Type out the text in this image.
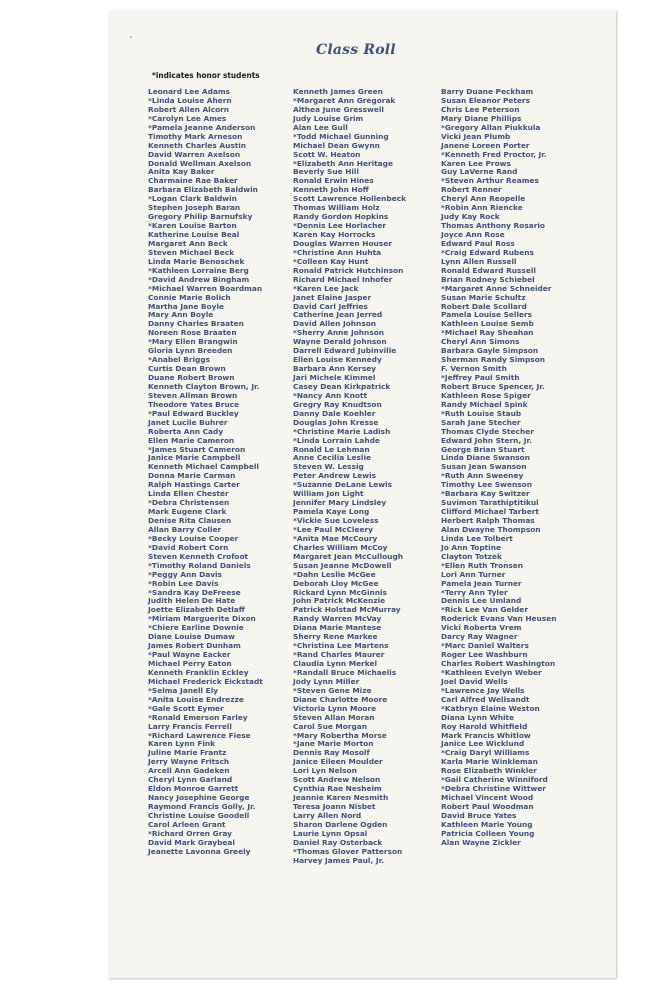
Class Roll
*indicates honor students
Leonard Lee Adams
*Linda Louise Ahern
Robert Allen Alcorn
*Carolyn Lee Ames
*Pamela Jeanne Anderson
Timothy Mark Arneson
Kenneth Charles Austin
David Warren Axelson
Donald Wellman Axelson
Anita Kay Baker
Charmaine Rae Baker
Barbara Elizabeth Baldwin
*Logan Clark Baldwin
Stephen Joseph Baran
Gregory Philip Barnufsky
*Karen Louise Barton
Katherine Louise Beal
Margaret Ann Beck
Steven Michael Beck
Linda Marie Benoschek
*Kathleen Lorraine Berg
*David Andrew Bingham
*Michael Warren Boardman
Connie Marie Bolich
Martha Jane Boyle
Mary Ann Boyle
Danny Charles Braaten
Noreen Rose Braaten
*Mary Ellen Brangwin
Gloria Lynn Breeden
*Anabel Briggs
Curtis Dean Brown
Duane Robert Brown
Kenneth Clayton Brown, Jr.
Steven Allman Brown
Theodore Yates Bruce
*Paul Edward Buckley
Janet Lucile Buhrer
Roberta Ann Cady
Ellen Marie Cameron
*James Stuart Cameron
Janice Marie Campbell
Kenneth Michael Campbell
Donna Marie Carman
Ralph Hastings Carter
Linda Ellen Chester
*Debra Christensen
Mark Eugene Clark
Denise Rita Clausen
Allan Barry Coller
*Becky Louise Cooper
*David Robert Corn
Steven Kenneth Crofoot
*Timothy Roland Daniels
*Peggy Ann Davis
*Robin Lee Davis
*Sandra Kay DeFreese
Judith Helen De Hate
Joette Elizabeth Detlaff
*Miriam Marguerite Dixon
*Chiere Earline Downie
Diane Louise Dumaw
James Robert Dunham
*Paul Wayne Eacker
Michael Perry Eaton
Kenneth Franklin Eckley
Michael Frederick Eickstadt
*Selma Janell Ely
*Anita Louise Endrezze
*Gale Scott Eymer
*Ronald Emerson Farley
Larry Francis Ferrell
*Richard Lawrence Fiese
Karen Lynn Fink
Juline Marie Frantz
Jerry Wayne Fritsch
Arcell Ann Gadeken
Cheryl Lynn Garland
Eldon Monroe Garrett
Nancy Josephine George
Raymond Francis Golly, Jr.
Christine Louise Goodell
Carol Arleen Grant
*Richard Orren Gray
David Mark Graybeal
Jeanette Lavonna Greely
Kenneth James Green
*Margaret Ann Gregorak
Althea June Gresswell
Judy Louise Grim
Alan Lee Gull
*Todd Michael Gunning
Michael Dean Gwynn
Scott W. Heaton
*Elizabeth Ann Heritage
Beverly Sue Hill
Ronald Erwin Hines
Kenneth John Hoff
Scott Lawrence Hollenbeck
Thomas William Holz
Randy Gordon Hopkins
*Dennis Lee Horlacher
Karen Kay Horrocks
Douglas Warren Houser
*Christine Ann Huhta
*Colleen Kay Hunt
Ronald Patrick Hutchinson
Richard Michael Inhofer
*Karen Lee Jack
Janet Elaine Jasper
David Carl Jeffries
Catherine Jean Jerred
David Allen Johnson
*Sherry Anne Johnson
Wayne Derald Johnson
Darrell Edward Jubinville
Ellen Louise Kennedy
Barbara Ann Kersey
Jari Michele Kimmel
Casey Dean Kirkpatrick
*Nancy Ann Knott
Gregry Ray Knudtson
Danny Dale Koehler
Douglas John Kresse
*Christine Marie Ladish
*Linda Lorrain Lahde
Ronald Le Lehman
Anne Cecilia Leslie
Steven W. Lessig
Peter Andrew Lewis
*Suzanne DeLane Lewis
William Jon Light
Jennifer Mary Lindsley
Pamela Kaye Long
*Vickie Sue Loveless
*Lee Paul McCleery
*Anita Mae McCoury
Charles William McCoy
Margaret Jean McCullough
Susan Jeanne McDowell
*Dahn Leslie McGee
Deborah Lloy McGee
Rickard Lynn McGinnis
John Patrick McKenzie
Patrick Holstad McMurray
Randy Warren McVay
Diana Marie Mantese
Sherry Rene Markee
*Christina Lee Martens
*Rand Charles Maurer
Claudia Lynn Merkel
*Randall Bruce Michaelis
Jody Lynn Miller
*Steven Gene Mize
Diane Charlotte Moore
Victoria Lynn Moore
Steven Allan Moran
Carol Sue Morgan
*Mary Robertha Morse
*Jane Marie Morton
Dennis Ray Mosolf
Janice Eileen Moulder
Lori Lyn Nelson
Scott Andrew Nelson
Cynthia Rae Nesheim
Jeannie Karen Nesmith
Teresa Joann Nisbet
Larry Allen Nord
Sharon Darlene Ogden
Laurie Lynn Opsal
Daniel Ray Osterback
*Thomas Glover Patterson
Harvey James Paul, Jr.
Barry Duane Peckham
Susan Eleanor Peters
Chris Lee Peterson
Mary Diane Phillips
*Gregory Allan Piukkula
Vicki Jean Plumb
Janene Loreen Porter
*Kenneth Fred Proctor, Jr.
Karen Lee Prows
Guy LaVerne Rand
*Steven Arthur Reames
Robert Renner
Cheryl Ann Reopelle
*Robin Ann Riencke
Judy Kay Rock
Thomas Anthony Rosario
Joyce Ann Rose
Edward Paul Ross
*Craig Edward Rubens
Lynn Allen Russell
Ronald Edward Russell
Brian Rodney Schiebel
*Margaret Anne Schneider
Susan Marie Schultz
Robert Dale Scollard
Pamela Louise Sellers
Kathleen Louise Semb
*Michael Ray Sheahan
Cheryl Ann Simons
Barbara Gayle Simpson
Sherman Randy Simpson
F. Vernon Smith
*Jeffrey Paul Smith
Robert Bruce Spencer, Jr.
Kathleen Rose Spiger
Randy Michael Spink
*Ruth Louise Staub
Sarah Jane Stecher
Thomas Clyde Stecher
Edward John Stern, Jr.
George Brian Stuart
Linda Diane Swanson
Susan Jean Swanson
*Ruth Ann Sweeney
Timothy Lee Swenson
*Barbara Kay Switzer
Suvimon Tarathiptitikul
Clifford Michael Tarbert
Herbert Ralph Thomas
Alan Dwayne Thompson
Linda Lee Tolbert
Jo Ann Toptine
Clayton Totzek
*Ellen Ruth Tronsen
Lori Ann Turner
Pamela Jean Turner
*Terry Ann Tyler
Dennis Lee Umland
*Rick Lee Van Gelder
Roderick Evans Van Heusen
Vicki Roberta Vrem
Darcy Ray Wagner
*Marc Daniel Walters
Roger Lee Washburn
Charles Robert Washington
*Kathleen Evelyn Weber
Joel David Wells
*Lawrence Jay Wells
Carl Alfred Wellsandt
*Kathryn Elaine Weston
Diana Lynn White
Roy Harold Whitfield
Mark Francis Whitlow
Janice Lee Wicklund
*Craig Daryl Williams
Karla Marie Winkleman
Rose Elizabeth Winkler
*Gail Catherine Winniford
*Debra Christine Wittwer
Michael Vincent Wood
Robert Paul Woodman
David Bruce Yates
Kathleen Marie Young
Patricia Colleen Young
Alan Wayne Zickler
